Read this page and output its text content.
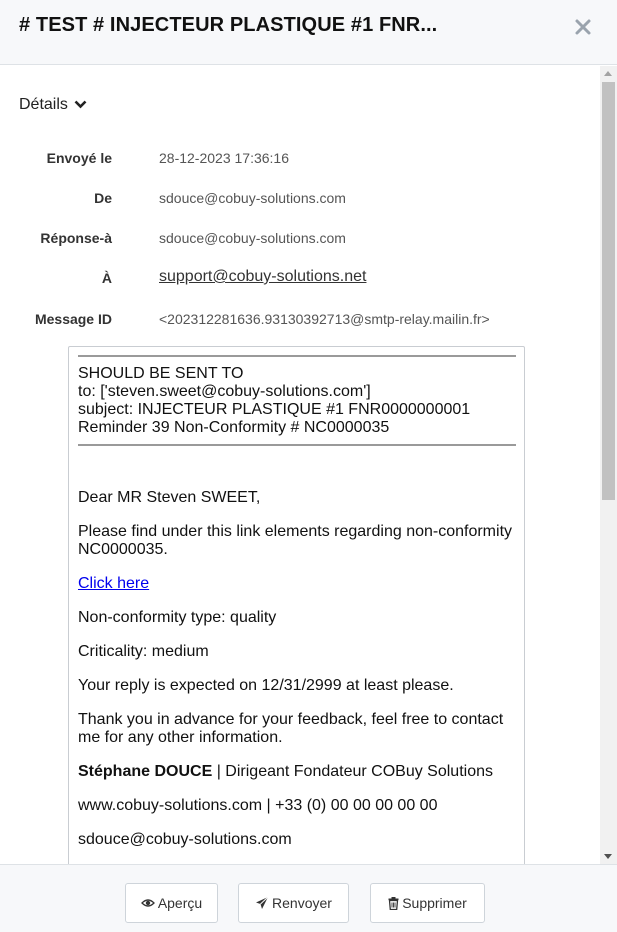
# TEST # INJECTEUR PLASTIQUE #1 FNR...
Détails
Envoyé le	28-12-2023 17:36:16
De	sdouce@cobuy-solutions.com
Réponse-à	sdouce@cobuy-solutions.com
À	support@cobuy-solutions.net
Message ID	<202312281636.93130392713@smtp-relay.mailin.fr>
SHOULD BE SENT TO
to: ['steven.sweet@cobuy-solutions.com']
subject: INJECTEUR PLASTIQUE #1 FNR0000000001
Reminder 39 Non-Conformity # NC0000035
Dear MR Steven SWEET,
Please find under this link elements regarding non-conformity
NC0000035.
Click here
Non-conformity type: quality
Criticality: medium
Your reply is expected on 12/31/2999 at least please.
Thank you in advance for your feedback, feel free to contact
me for any other information.
Stéphane DOUCE | Dirigeant Fondateur COBuy Solutions
www.cobuy-solutions.com | +33 (0) 00 00 00 00 00
sdouce@cobuy-solutions.com
Aperçu	Renvoyer	Supprimer
